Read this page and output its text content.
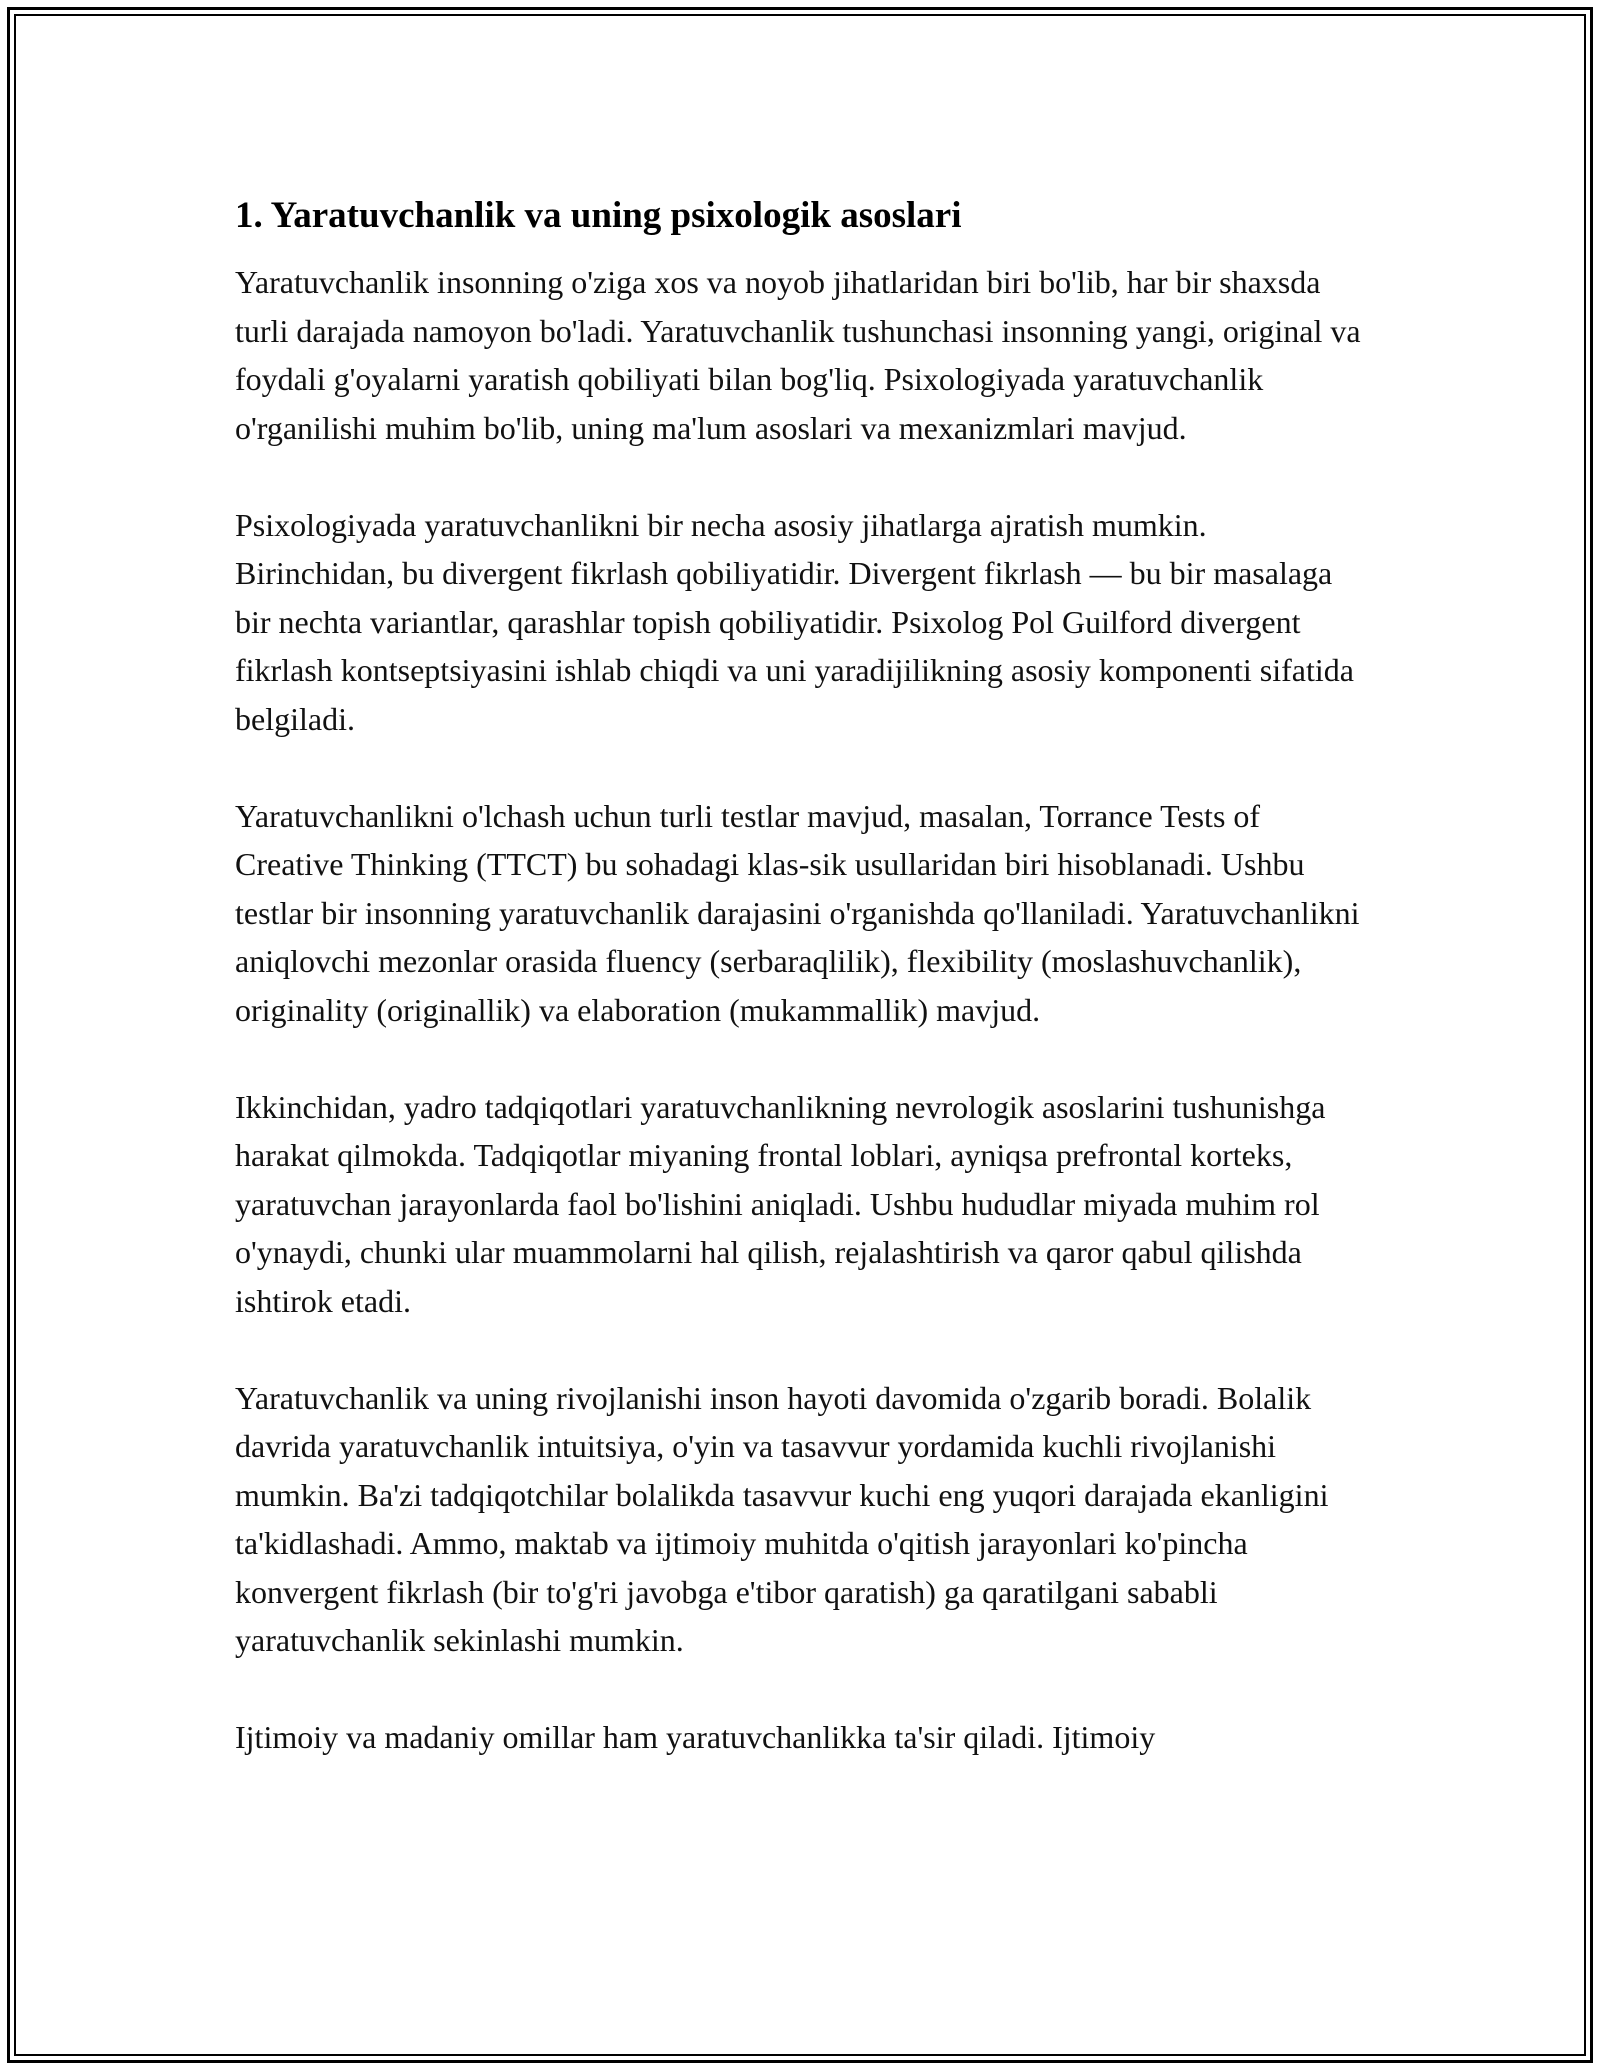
1. Yaratuvchanlik va uning psixologik asoslari

Yaratuvchanlik insonning o'ziga xos va noyob jihatlaridan biri bo'lib, har bir shaxsda turli darajada namoyon bo'ladi. Yaratuvchanlik tushunchasi insonning yangi, original va foydali g'oyalarni yaratish qobiliyati bilan bog'liq. Psixologiyada yaratuvchanlik o'rganilishi muhim bo'lib, uning ma'lum asoslari va mexanizmlari mavjud.

Psixologiyada yaratuvchanlikni bir necha asosiy jihatlarga ajratish mumkin. Birinchidan, bu divergent fikrlash qobiliyatidir. Divergent fikrlash — bu bir masalaga bir nechta variantlar, qarashlar topish qobiliyatidir. Psixolog Pol Guilford divergent fikrlash kontseptsiyasini ishlab chiqdi va uni yaradijilikning asosiy komponenti sifatida belgiladi.

Yaratuvchanlikni o'lchash uchun turli testlar mavjud, masalan, Torrance Tests of Creative Thinking (TTCT) bu sohadagi klas-sik usullaridan biri hisoblanadi. Ushbu testlar bir insonning yaratuvchanlik darajasini o'rganishda qo'llaniladi. Yaratuvchanlikni aniqlovchi mezonlar orasida fluency (serbaraqlilik), flexibility (moslashuvchanlik), originality (originallik) va elaboration (mukammallik) mavjud.

Ikkinchidan, yadro tadqiqotlari yaratuvchanlikning nevrologik asoslarini tushunishga harakat qilmokda. Tadqiqotlar miyaning frontal loblari, ayniqsa prefrontal korteks, yaratuvchan jarayonlarda faol bo'lishini aniqladi. Ushbu hududlar miyada muhim rol o'ynaydi, chunki ular muammolarni hal qilish, rejalashtirish va qaror qabul qilishda ishtirok etadi.

Yaratuvchanlik va uning rivojlanishi inson hayoti davomida o'zgarib boradi. Bolalik davrida yaratuvchanlik intuitsiya, o'yin va tasavvur yordamida kuchli rivojlanishi mumkin. Ba'zi tadqiqotchilar bolalikda tasavvur kuchi eng yuqori darajada ekanligini ta'kidlashadi. Ammo, maktab va ijtimoiy muhitda o'qitish jarayonlari ko'pincha konvergent fikrlash (bir to'g'ri javobga e'tibor qaratish) ga qaratilgani sababli yaratuvchanlik sekinlashi mumkin.

Ijtimoiy va madaniy omillar ham yaratuvchanlikka ta'sir qiladi. Ijtimoiy
